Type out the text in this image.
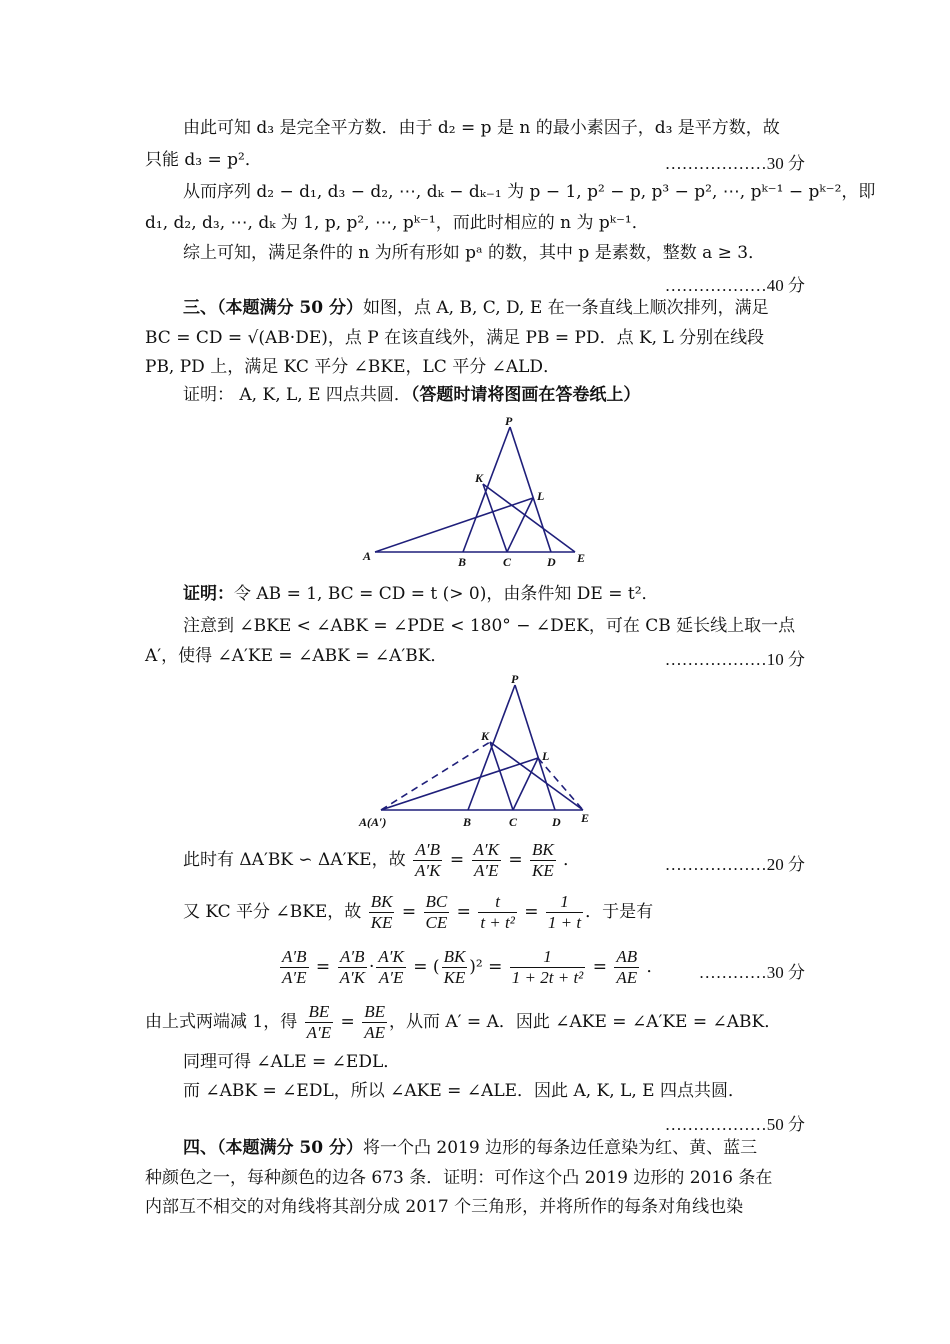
由此可知 d₃ 是完全平方数．由于 d₂ = p 是 n 的最小素因子，d₃ 是平方数，故
只能 d₃ = p²．	………………30 分
从而序列 d₂ − d₁, d₃ − d₂, ⋯, dₖ − dₖ₋₁ 为 p − 1, p² − p, p³ − p², ⋯, pᵏ⁻¹ − pᵏ⁻²，即
d₁, d₂, d₃, ⋯, dₖ 为 1, p, p², ⋯, pᵏ⁻¹，而此时相应的 n 为 pᵏ⁻¹．
综上可知，满足条件的 n 为所有形如 pᵃ 的数，其中 p 是素数，整数 a ≥ 3．
………………40 分
三、（本题满分 50 分）如图，点 A, B, C, D, E 在一条直线上顺次排列，满足
BC = CD = √(AB·DE)，点 P 在该直线外，满足 PB = PD．点 K, L 分别在线段
PB, PD 上，满足 KC 平分 ∠BKE，LC 平分 ∠ALD．
证明： A, K, L, E 四点共圆．（答题时请将图画在答卷纸上）
P
K
L
A	B	C	D E
证明：令 AB = 1, BC = CD = t (> 0)，由条件知 DE = t²．
注意到 ∠BKE < ∠ABK = ∠PDE < 180° − ∠DEK，可在 CB 延长线上取一点
A′，使得 ∠A′KE = ∠ABK = ∠A′BK．	………………10 分
P
K
L
A(A′)	B	C	D E
此时有 ΔA′BK ∽ ΔA′KE，故 $\frac{A'B}{A'K} = \frac{A'K}{A'E} = \frac{BK}{KE}$ ．	………………20 分
又 KC 平分 ∠BKE，故 $\frac{BK}{KE} = \frac{BC}{CE} = \frac{t}{\text{t + t²}} = \frac{1}{1 + t}$ ．于是有
$\frac{A'B}{A'E} = \frac{A'B}{A'K} \cdot \frac{A'K}{A'E}$ = ( $\frac{BK}{KE} )^2 = \frac{1}{\text{1 + 2t + t²}} = \frac{AB}{AE}$ ． …………30 分
由上式两端减 1，得 $\frac{BE}{A'E} = \frac{BE}{AE}$ ，从而 A′ = A．因此 ∠AKE = ∠A′KE = ∠ABK．
同理可得 ∠ALE = ∠EDL．
而 ∠ABK = ∠EDL，所以 ∠AKE = ∠ALE．因此 A, K, L, E 四点共圆．
………………50 分
四、（本题满分 50 分）将一个凸 2019 边形的每条边任意染为红、黄、蓝三
种颜色之一，每种颜色的边各 673 条．证明：可作这个凸 2019 边形的 2016 条在
内部互不相交的对角线将其剖分成 2017 个三角形，并将所作的每条对角线也染
